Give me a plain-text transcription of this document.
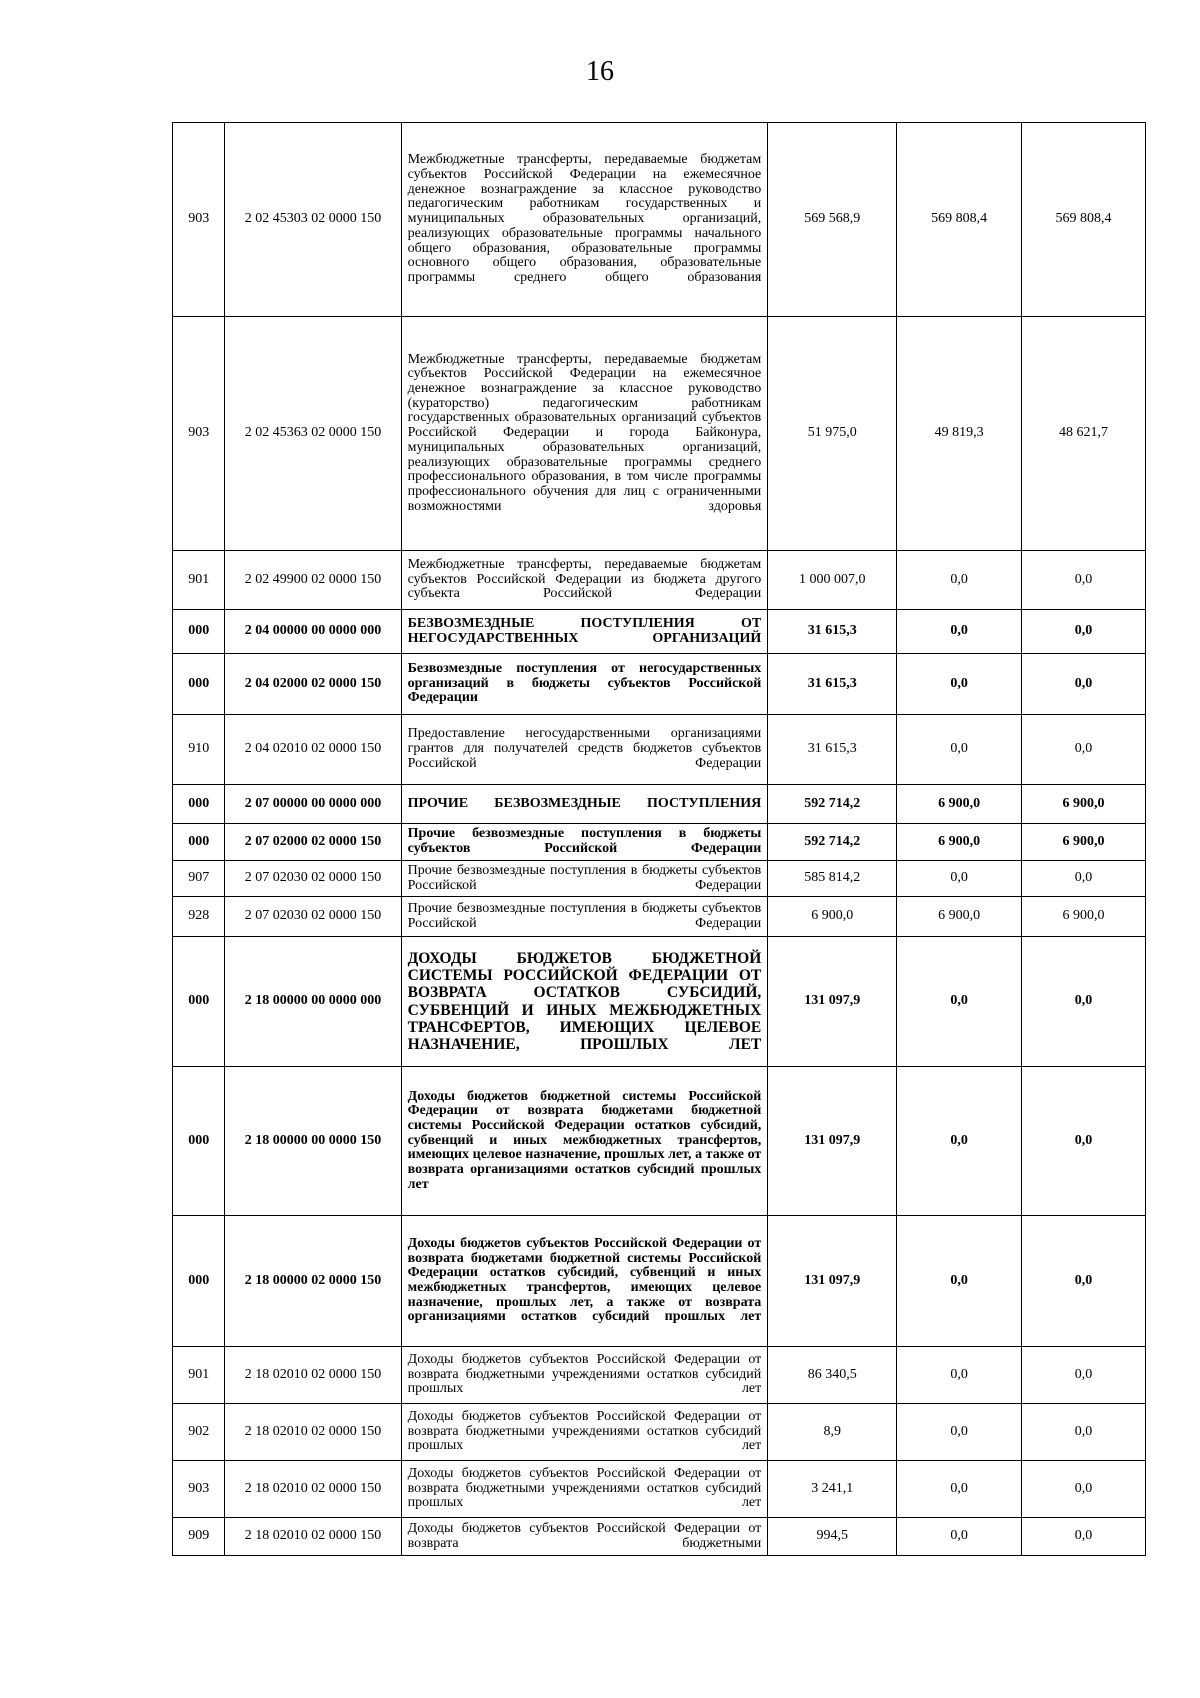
16
903	2 02 45303 02 0000 150	Межбюджетные трансферты, передаваемые бюджетам субъектов Российской Федерации на ежемесячное денежное вознаграждение за классное руководство педагогическим работникам государственных и муниципальных образовательных организаций, реализующих образовательные программы начального общего образования, образовательные программы основного общего образования, образовательные программы среднего общего образования	569 568,9	569 808,4	569 808,4
903	2 02 45363 02 0000 150	Межбюджетные трансферты, передаваемые бюджетам субъектов Российской Федерации на ежемесячное денежное вознаграждение за классное руководство (кураторство) педагогическим работникам государственных образовательных организаций субъектов Российской Федерации и города Байконура, муниципальных образовательных организаций, реализующих образовательные программы среднего профессионального образования, в том числе программы профессионального обучения для лиц с ограниченными возможностями здоровья	51 975,0	49 819,3	48 621,7
901	2 02 49900 02 0000 150	Межбюджетные трансферты, передаваемые бюджетам субъектов Российской Федерации из бюджета другого субъекта Российской Федерации	1 000 007,0	0,0	0,0
000	2 04 00000 00 0000 000	БЕЗВОЗМЕЗДНЫЕ ПОСТУПЛЕНИЯ ОТ НЕГОСУДАРСТВЕННЫХ ОРГАНИЗАЦИЙ	31 615,3	0,0	0,0
000	2 04 02000 02 0000 150	Безвозмездные поступления от негосударственных организаций в бюджеты субъектов Российской Федерации	31 615,3	0,0	0,0
910	2 04 02010 02 0000 150	Предоставление негосударственными организациями грантов для получателей средств бюджетов субъектов Российской Федерации	31 615,3	0,0	0,0
000	2 07 00000 00 0000 000	ПРОЧИЕ БЕЗВОЗМЕЗДНЫЕ ПОСТУПЛЕНИЯ	592 714,2	6 900,0	6 900,0
000	2 07 02000 02 0000 150	Прочие безвозмездные поступления в бюджеты субъектов Российской Федерации	592 714,2	6 900,0	6 900,0
907	2 07 02030 02 0000 150	Прочие безвозмездные поступления в бюджеты субъектов Российской Федерации	585 814,2	0,0	0,0
928	2 07 02030 02 0000 150	Прочие безвозмездные поступления в бюджеты субъектов Российской Федерации	6 900,0	6 900,0	6 900,0
000	2 18 00000 00 0000 000	ДОХОДЫ БЮДЖЕТОВ БЮДЖЕТНОЙ СИСТЕМЫ РОССИЙСКОЙ ФЕДЕРАЦИИ ОТ ВОЗВРАТА ОСТАТКОВ СУБСИДИЙ, СУБВЕНЦИЙ И ИНЫХ МЕЖБЮДЖЕТНЫХ ТРАНСФЕРТОВ, ИМЕЮЩИХ ЦЕЛЕВОЕ НАЗНАЧЕНИЕ, ПРОШЛЫХ ЛЕТ	131 097,9	0,0	0,0
000	2 18 00000 00 0000 150	Доходы бюджетов бюджетной системы Российской Федерации от возврата бюджетами бюджетной системы Российской Федерации остатков субсидий, субвенций и иных межбюджетных трансфертов, имеющих целевое назначение, прошлых лет, а также от возврата организациями остатков субсидий прошлых лет	131 097,9	0,0	0,0
000	2 18 00000 02 0000 150	Доходы бюджетов субъектов Российской Федерации от возврата бюджетами бюджетной системы Российской Федерации остатков субсидий, субвенций и иных межбюджетных трансфертов, имеющих целевое назначение, прошлых лет, а также от возврата организациями остатков субсидий прошлых лет	131 097,9	0,0	0,0
901	2 18 02010 02 0000 150	Доходы бюджетов субъектов Российской Федерации от возврата бюджетными учреждениями остатков субсидий прошлых лет	86 340,5	0,0	0,0
902	2 18 02010 02 0000 150	Доходы бюджетов субъектов Российской Федерации от возврата бюджетными учреждениями остатков субсидий прошлых лет	8,9	0,0	0,0
903	2 18 02010 02 0000 150	Доходы бюджетов субъектов Российской Федерации от возврата бюджетными учреждениями остатков субсидий прошлых лет	3 241,1	0,0	0,0
909	2 18 02010 02 0000 150	Доходы бюджетов субъектов Российской Федерации от возврата бюджетными	994,5	0,0	0,0
